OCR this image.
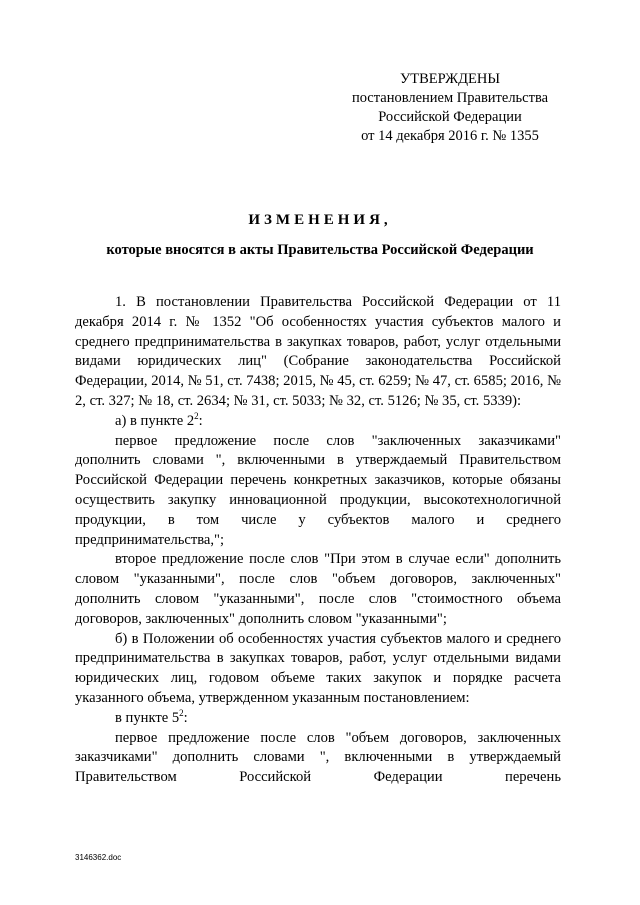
УТВЕРЖДЕНЫ
постановлением Правительства
Российской Федерации
от 14 декабря 2016 г. № 1355
ИЗМЕНЕНИЯ,
которые вносятся в акты Правительства Российской Федерации

1. В постановлении Правительства Российской Федерации от 11 декабря 2014 г. № 1352 "Об особенностях участия субъектов малого и среднего предпринимательства в закупках товаров, работ, услуг отдельными видами юридических лиц" (Собрание законодательства Российской Федерации, 2014, № 51, ст. 7438; 2015, № 45, ст. 6259; № 47, ст. 6585; 2016, № 2, ст. 327; № 18, ст. 2634; № 31, ст. 5033; № 32, ст. 5126; № 35, ст. 5339):

а) в пункте $2^2$:

первое предложение после слов "заключенных заказчиками" дополнить словами ", включенными в утверждаемый Правительством Российской Федерации перечень конкретных заказчиков, которые обязаны осуществить закупку инновационной продукции, высокотехнологичной продукции, в том числе у субъектов малого и среднего предпринимательства,";

второе предложение после слов "При этом в случае если" дополнить словом "указанными", после слов "объем договоров, заключенных" дополнить словом "указанными", после слов "стоимостного объема договоров, заключенных" дополнить словом "указанными";

б) в Положении об особенностях участия субъектов малого и среднего предпринимательства в закупках товаров, работ, услуг отдельными видами юридических лиц, годовом объеме таких закупок и порядке расчета указанного объема, утвержденном указанным постановлением:

в пункте $5^2$:

первое предложение после слов "объем договоров, заключенных заказчиками" дополнить словами ", включенными в утверждаемый Правительством Российской Федерации перечень

3146362.doc
